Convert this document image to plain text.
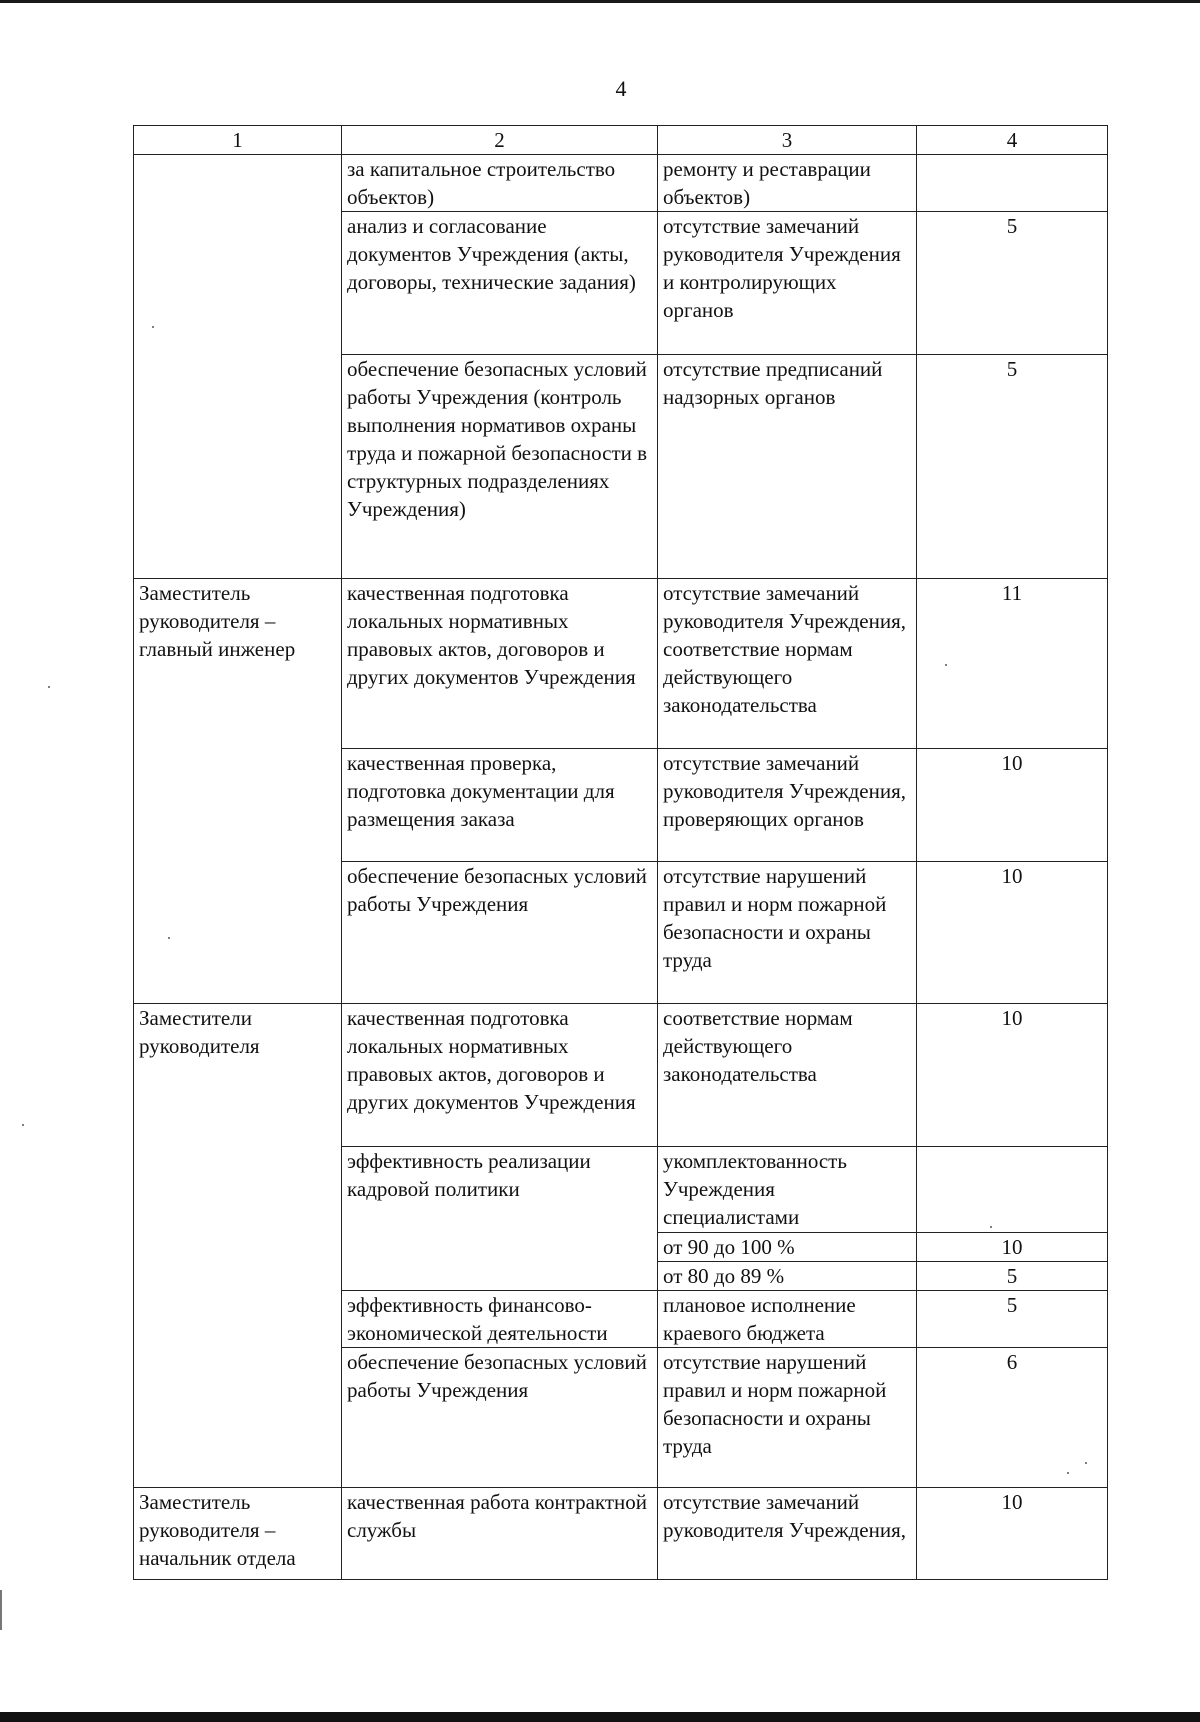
4
1	2	3	4
	за капитальное строительство объектов)	ремонту и реставрации объектов)	
	анализ и согласование документов Учреждения (акты, договоры, технические задания)	отсутствие замечаний руководителя Учреждения и контролирующих органов	5
	обеспечение безопасных условий работы Учреждения (контроль выполнения нормативов охраны труда и пожарной безопасности в структурных подразделениях Учреждения)	отсутствие предписаний надзорных органов	5
Заместитель руководителя – главный инженер	качественная подготовка локальных нормативных правовых актов, договоров и других документов Учреждения	отсутствие замечаний руководителя Учреждения, соответствие нормам действующего законодательства	11
	качественная проверка, подготовка документации для размещения заказа	отсутствие замечаний руководителя Учреждения, проверяющих органов	10
	обеспечение безопасных условий работы Учреждения	отсутствие нарушений правил и норм пожарной безопасности и охраны труда	10
Заместители руководителя	качественная подготовка локальных нормативных правовых актов, договоров и других документов Учреждения	соответствие нормам действующего законодательства	10
	эффективность реализации кадровой политики	укомплектованность Учреждения специалистами	
		от 90 до 100 %	10
		от 80 до 89 %	5
	эффективность финансово-экономической деятельности	плановое исполнение краевого бюджета	5
	обеспечение безопасных условий работы Учреждения	отсутствие нарушений правил и норм пожарной безопасности и охраны труда	6
Заместитель руководителя – начальник отдела	качественная работа контрактной службы	отсутствие замечаний руководителя Учреждения,	10
